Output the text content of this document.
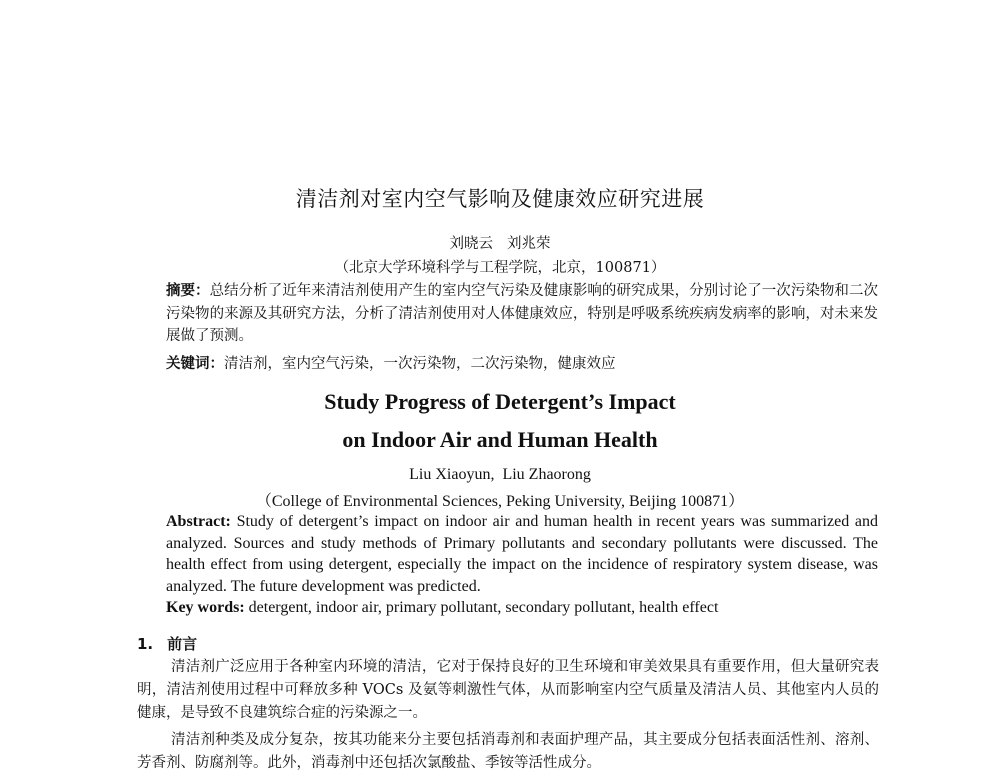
清洁剂对室内空气影响及健康效应研究进展
刘晓云 刘兆荣
（北京大学环境科学与工程学院，北京，100871）
摘要：总结分析了近年来清洁剂使用产生的室内空气污染及健康影响的研究成果，分别讨论了一次污染物和二次污染物的来源及其研究方法，分析了清洁剂使用对人体健康效应，特别是呼吸系统疾病发病率的影响，对未来发展做了预测。
关键词：清洁剂，室内空气污染，一次污染物，二次污染物，健康效应
Study Progress of Detergent’s Impact
on Indoor Air and Human Health
Liu Xiaoyun, Liu Zhaorong
（College of Environmental Sciences, Peking University, Beijing 100871）
Abstract: Study of detergent’s impact on indoor air and human health in recent years was summarized and analyzed. Sources and study methods of Primary pollutants and secondary pollutants were discussed. The health effect from using detergent, especially the impact on the incidence of respiratory system disease, was analyzed. The future development was predicted.
Key words: detergent, indoor air, primary pollutant, secondary pollutant, health effect
1. 前言
清洁剂广泛应用于各种室内环境的清洁，它对于保持良好的卫生环境和审美效果具有重要作用，但大量研究表明，清洁剂使用过程中可释放多种 VOCs 及氨等刺激性气体，从而影响室内空气质量及清洁人员、其他室内人员的健康，是导致不良建筑综合症的污染源之一。
清洁剂种类及成分复杂，按其功能来分主要包括消毒剂和表面护理产品，其主要成分包括表面活性剂、溶剂、芳香剂、防腐剂等。此外，消毒剂中还包括次氯酸盐、季铵等活性成分。
